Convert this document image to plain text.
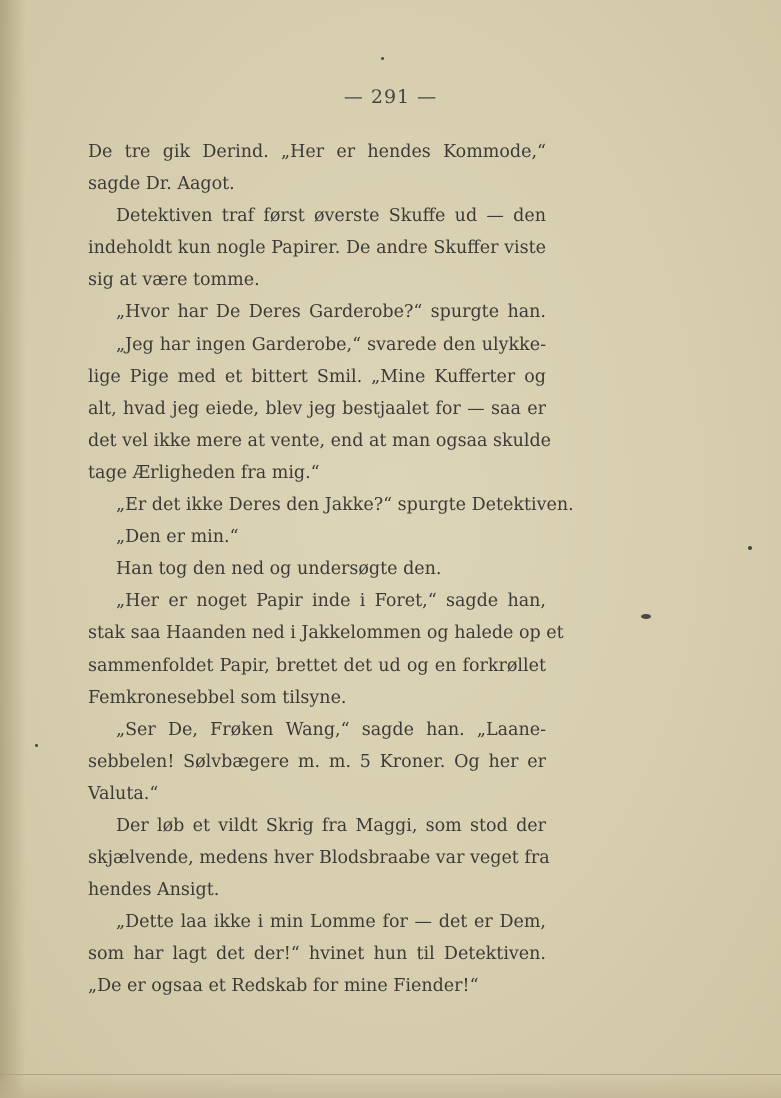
— 291 —
De tre gik Derind. „Her er hendes Kommode,“
sagde Dr. Aagot.
Detektiven traf først øverste Skuffe ud — den
indeholdt kun nogle Papirer. De andre Skuffer viste
sig at være tomme.
„Hvor har De Deres Garderobe?“ spurgte han.
„Jeg har ingen Garderobe,“ svarede den ulykke-
lige Pige med et bittert Smil. „Mine Kufferter og
alt, hvad jeg eiede, blev jeg bestjaalet for — saa er
det vel ikke mere at vente, end at man ogsaa skulde
tage Ærligheden fra mig.“
„Er det ikke Deres den Jakke?“ spurgte Detektiven.
„Den er min.“
Han tog den ned og undersøgte den.
„Her er noget Papir inde i Foret,“ sagde han,
stak saa Haanden ned i Jakkelommen og halede op et
sammenfoldet Papir, brettet det ud og en forkrøllet
Femkronesebbel som tilsyne.
„Ser De, Frøken Wang,“ sagde han. „Laane-
sebbelen! Sølvbægere m. m. 5 Kroner. Og her er
Valuta.“
Der løb et vildt Skrig fra Maggi, som stod der
skjælvende, medens hver Blodsbraabe var veget fra
hendes Ansigt.
„Dette laa ikke i min Lomme for — det er Dem,
som har lagt det der!“ hvinet hun til Detektiven.
„De er ogsaa et Redskab for mine Fiender!“
